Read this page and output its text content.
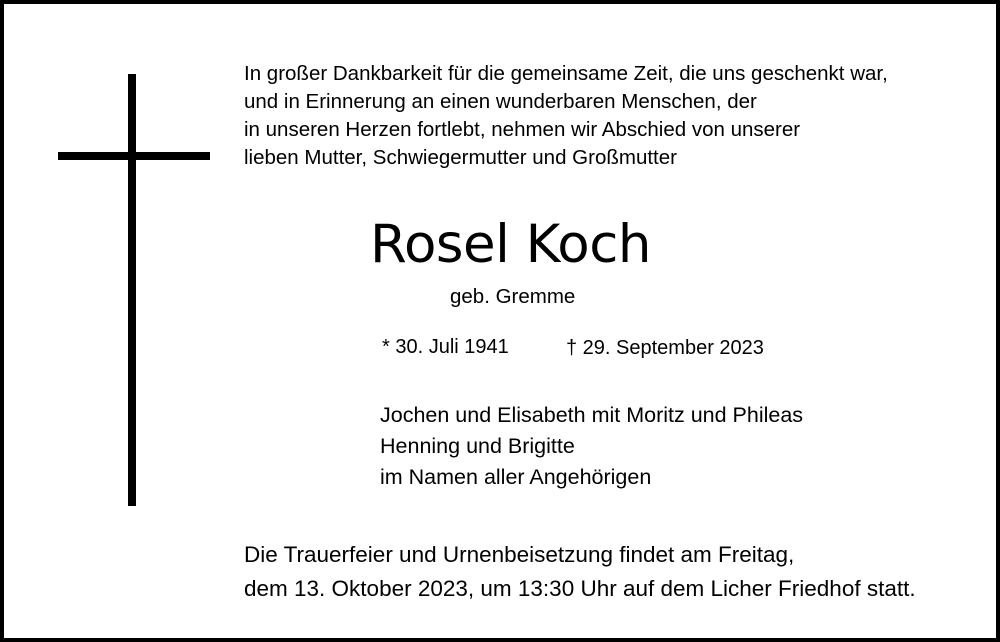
In großer Dankbarkeit für die gemeinsame Zeit, die uns geschenkt war,
und in Erinnerung an einen wunderbaren Menschen, der
in unseren Herzen fortlebt, nehmen wir Abschied von unserer
lieben Mutter, Schwiegermutter und Großmutter

Rosel Koch
geb. Gremme
* 30. Juli 1941	† 29. September 2023
Jochen und Elisabeth mit Moritz und Phileas
Henning und Brigitte
im Namen aller Angehörigen
Die Trauerfeier und Urnenbeisetzung findet am Freitag,
dem 13. Oktober 2023, um 13:30 Uhr auf dem Licher Friedhof statt.
